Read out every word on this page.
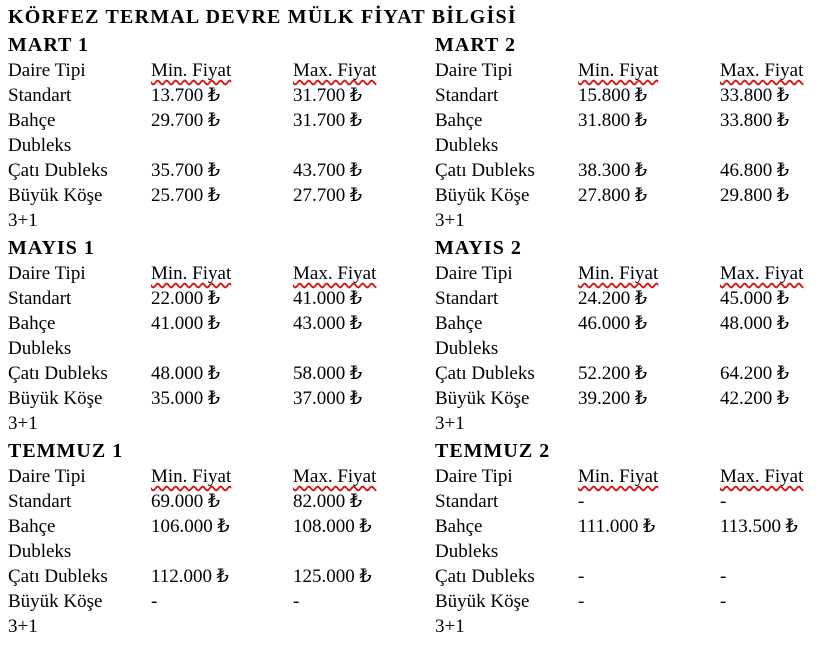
KÖRFEZ TERMAL DEVRE MÜLK FİYAT BİLGİSİ
MART 1
Daire Tipi	Min. Fiyat	Max. Fiyat
Standart	13.700 ₺	31.700 ₺
Bahçe	29.700 ₺	31.700 ₺
Dubleks
Çatı Dubleks	35.700 ₺	43.700 ₺
Büyük Köşe	25.700 ₺	27.700 ₺
3+1
MART 2
Daire Tipi	Min. Fiyat	Max. Fiyat
Standart	15.800 ₺	33.800 ₺
Bahçe	31.800 ₺	33.800 ₺
Dubleks
Çatı Dubleks	38.300 ₺	46.800 ₺
Büyük Köşe	27.800 ₺	29.800 ₺
3+1
MAYIS 1
Daire Tipi	Min. Fiyat	Max. Fiyat
Standart	22.000 ₺	41.000 ₺
Bahçe	41.000 ₺	43.000 ₺
Dubleks
Çatı Dubleks	48.000 ₺	58.000 ₺
Büyük Köşe	35.000 ₺	37.000 ₺
3+1
MAYIS 2
Daire Tipi	Min. Fiyat	Max. Fiyat
Standart	24.200 ₺	45.000 ₺
Bahçe	46.000 ₺	48.000 ₺
Dubleks
Çatı Dubleks	52.200 ₺	64.200 ₺
Büyük Köşe	39.200 ₺	42.200 ₺
3+1
TEMMUZ 1
Daire Tipi	Min. Fiyat	Max. Fiyat
Standart	69.000 ₺	82.000 ₺
Bahçe	106.000 ₺	108.000 ₺
Dubleks
Çatı Dubleks	112.000 ₺	125.000 ₺
Büyük Köşe	-	-
3+1
TEMMUZ 2
Daire Tipi	Min. Fiyat	Max. Fiyat
Standart	-	-
Bahçe	111.000 ₺	113.500 ₺
Dubleks
Çatı Dubleks	-	-
Büyük Köşe	-	-
3+1
